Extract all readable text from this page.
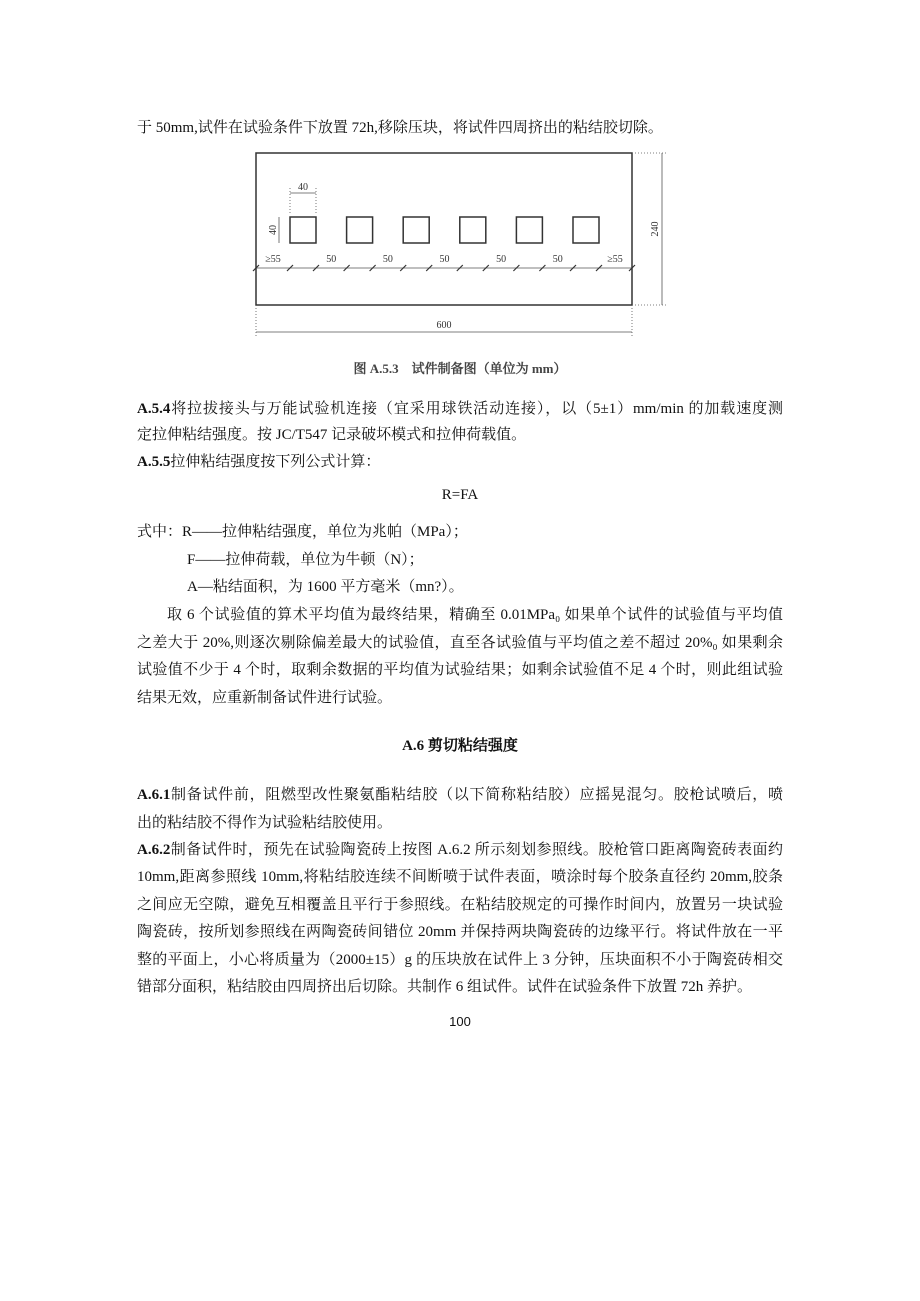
于 50mm,试件在试验条件下放置 72h,移除压块，将试件四周挤出的粘结胶切除。
40
40
≥55	≥55
50	50	50	50	50
240
600
图 A.5.3　试件制备图（单位为 mm）
A.5.4将拉拔接头与万能试验机连接（宜采用球铁活动连接），以（5±1）mm/min 的加载速度测
定拉伸粘结强度。按 JC/T547 记录破坏模式和拉伸荷载值。
A.5.5拉伸粘结强度按下列公式计算：
R=FA
式中：R——拉伸粘结强度，单位为兆帕（MPa）；
F——拉伸荷载，单位为牛顿（N）；
A—粘结面积，为 1600 平方毫米（mn?）。
取 6 个试验值的算术平均值为最终结果，精确至 0.01MPa₀ 如果单个试件的试验值与平均值
之差大于 20%,则逐次剔除偏差最大的试验值，直至各试验值与平均值之差不超过 20%₀ 如果剩余
试验值不少于 4 个时，取剩余数据的平均值为试验结果；如剩余试验值不足 4 个时，则此组试验
结果无效，应重新制备试件进行试验。
A.6 剪切粘结强度
A.6.1制备试件前，阻燃型改性聚氨酯粘结胶（以下简称粘结胶）应摇晃混匀。胶枪试喷后，喷
出的粘结胶不得作为试验粘结胶使用。
A.6.2制备试件时，预先在试验陶瓷砖上按图 A.6.2 所示刻划参照线。胶枪管口距离陶瓷砖表面约
10mm,距离参照线 10mm,将粘结胶连续不间断喷于试件表面，喷涂时每个胶条直径约 20mm,胶条
之间应无空隙，避免互相覆盖且平行于参照线。在粘结胶规定的可操作时间内，放置另一块试验
陶瓷砖，按所划参照线在两陶瓷砖间错位 20mm 并保持两块陶瓷砖的边缘平行。将试件放在一平
整的平面上，小心将质量为（2000±15）g 的压块放在试件上 3 分钟，压块面积不小于陶瓷砖相交
错部分面积，粘结胶由四周挤出后切除。共制作 6 组试件。试件在试验条件下放置 72h 养护。
100
